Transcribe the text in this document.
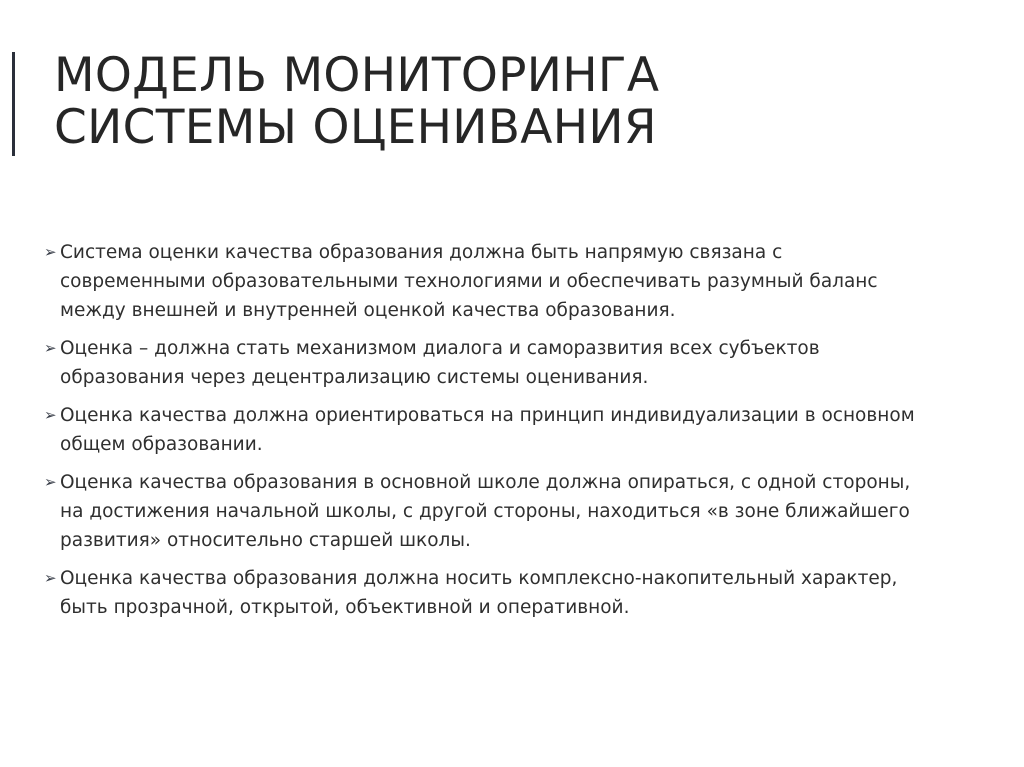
МОДЕЛЬ МОНИТОРИНГА
СИСТЕМЫ ОЦЕНИВАНИЯ
➢ Система оценки качества образования должна быть напрямую связана с
современными образовательными технологиями и обеспечивать разумный баланс
между внешней и внутренней оценкой качества образования.
➢ Оценка – должна стать механизмом диалога и саморазвития всех субъектов
образования через децентрализацию системы оценивания.
➢ Оценка качества должна ориентироваться на принцип индивидуализации в основном
общем образовании.
➢ Оценка качества образования в основной школе должна опираться, с одной стороны,
на достижения начальной школы, с другой стороны, находиться «в зоне ближайшего
развития» относительно старшей школы.
➢ Оценка качества образования должна носить комплексно-накопительный характер,
быть прозрачной, открытой, объективной и оперативной.
